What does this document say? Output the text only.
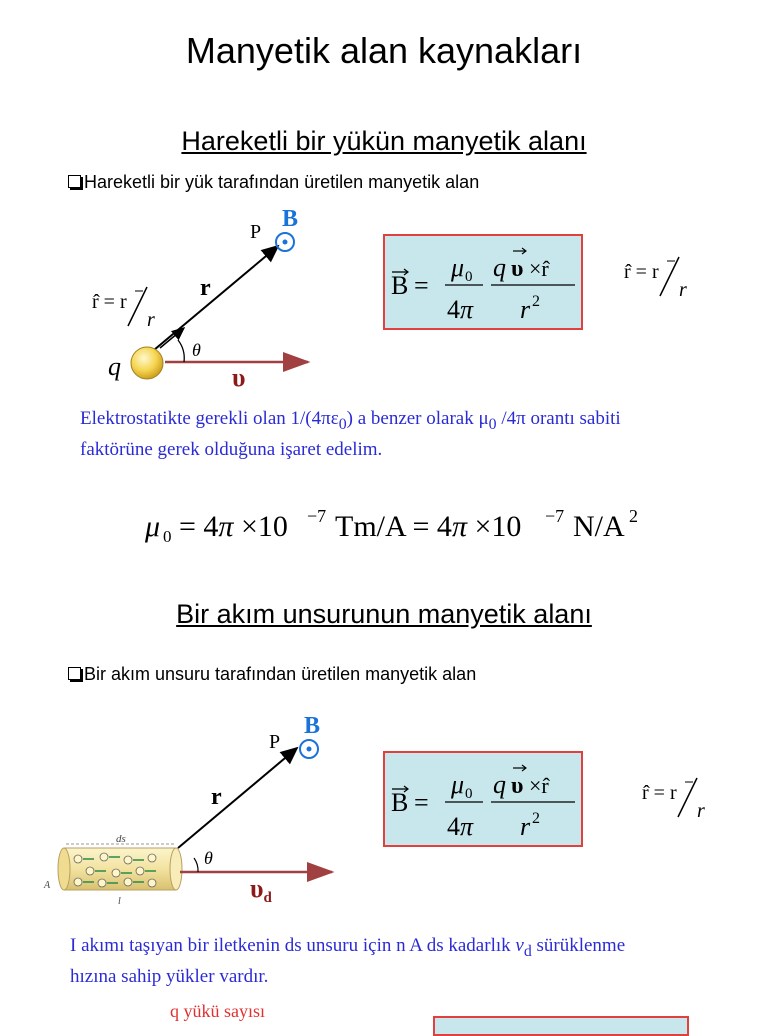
Manyetik alan kaynakları
Hareketli bir yükün manyetik alanı
Hareketli bir yük tarafından üretilen manyetik alan
B
P
r
q
θ
υ
r̂ = r
r
B =
μ 0
4π
q υ ×r̂
r 2
r̂ = r
r
Elektrostatikte gerekli olan $1/(4\pi\varepsilon_0)$ a benzer olarak $\mu_0$ /4π orantı sabiti
faktörüne gerek olduğuna işaret edelim.
μ 0 = 4π ×10 −7 Tm/A = 4π ×10 −7 N/A 2
Bir akım unsurunun manyetik alanı
Bir akım unsuru tarafından üretilen manyetik alan
ds
A
l
θ
B
P
r
υd
B =
μ 0
4π
q υ ×r̂
r 2
r̂ = r
r
I akımı taşıyan bir iletkenin ds unsuru için n A ds kadarlık $v_d$ sürüklenme
hızına sahip yükler vardır.
q yükü sayısı
